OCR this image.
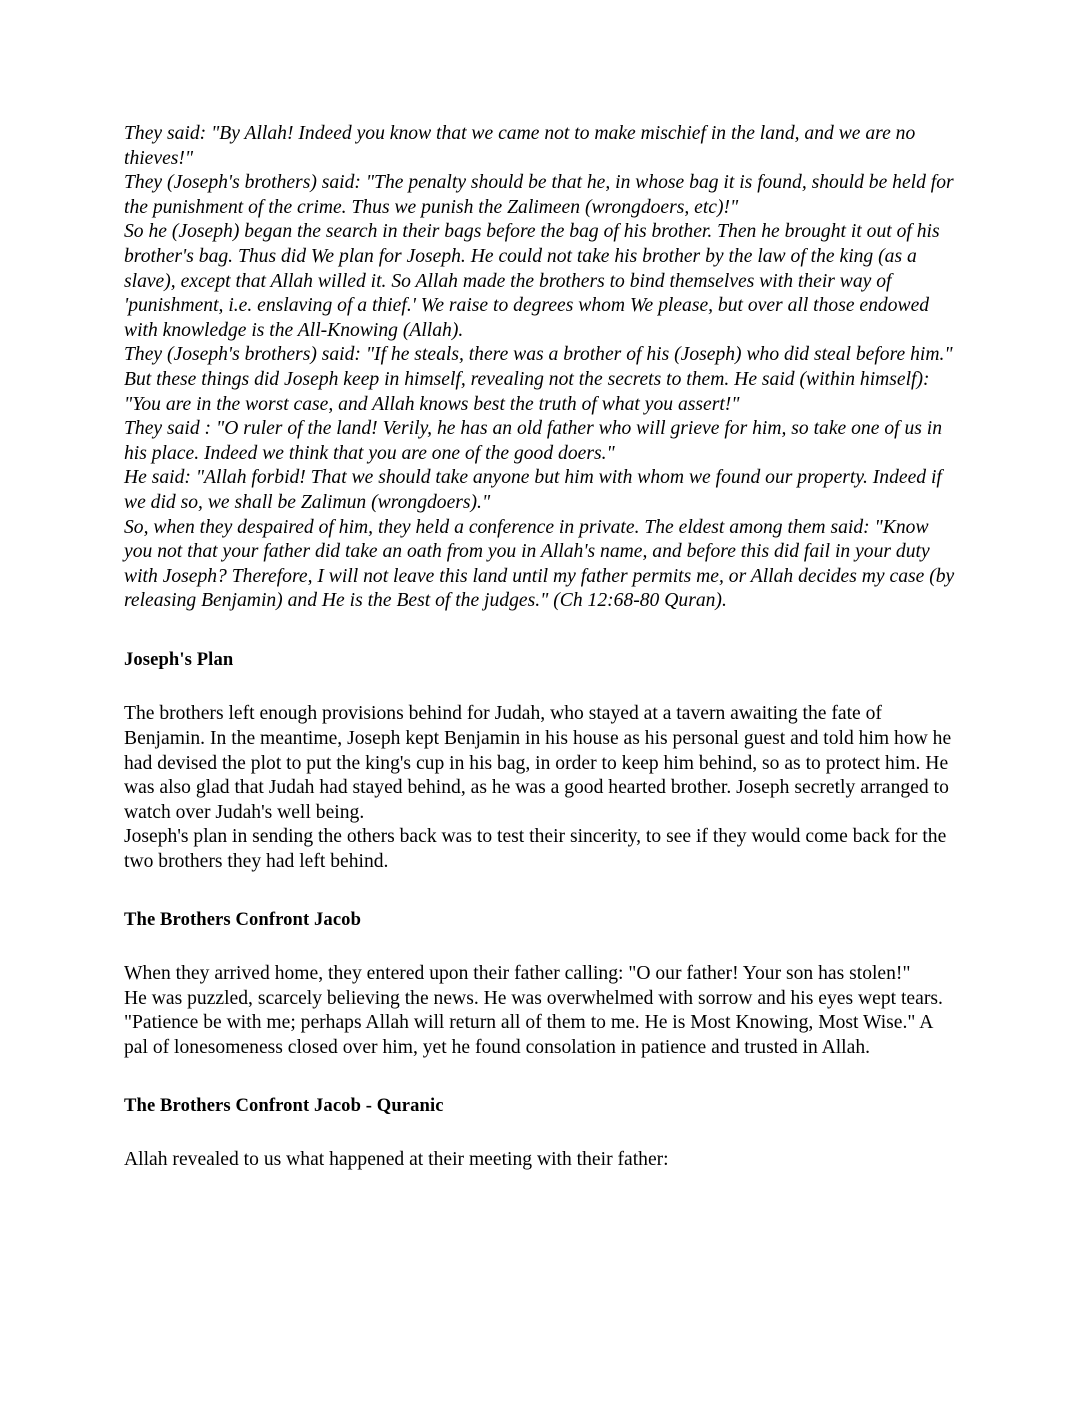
They said: "By Allah! Indeed you know that we came not to make mischief in the land, and we are no thieves!"

They (Joseph's brothers) said: "The penalty should be that he, in whose bag it is found, should be held for the punishment of the crime. Thus we punish the Zalimeen (wrongdoers, etc)!"

So he (Joseph) began the search in their bags before the bag of his brother. Then he brought it out of his brother's bag. Thus did We plan for Joseph. He could not take his brother by the law of the king (as a slave), except that Allah willed it. So Allah made the brothers to bind themselves with their way of 'punishment, i.e. enslaving of a thief.' We raise to degrees whom We please, but over all those endowed with knowledge is the All-Knowing (Allah).

They (Joseph's brothers) said: "If he steals, there was a brother of his (Joseph) who did steal before him." But these things did Joseph keep in himself, revealing not the secrets to them. He said (within himself): "You are in the worst case, and Allah knows best the truth of what you assert!"

They said : "O ruler of the land! Verily, he has an old father who will grieve for him, so take one of us in his place. Indeed we think that you are one of the good doers."

He said: "Allah forbid! That we should take anyone but him with whom we found our property. Indeed if we did so, we shall be Zalimun (wrongdoers)."

So, when they despaired of him, they held a conference in private. The eldest among them said: "Know you not that your father did take an oath from you in Allah's name, and before this did fail in your duty with Joseph? Therefore, I will not leave this land until my father permits me, or Allah decides my case (by releasing Benjamin) and He is the Best of the judges." (Ch 12:68-80 Quran).

Joseph's Plan

The brothers left enough provisions behind for Judah, who stayed at a tavern awaiting the fate of Benjamin. In the meantime, Joseph kept Benjamin in his house as his personal guest and told him how he had devised the plot to put the king's cup in his bag, in order to keep him behind, so as to protect him. He was also glad that Judah had stayed behind, as he was a good hearted brother. Joseph secretly arranged to watch over Judah's well being.

Joseph's plan in sending the others back was to test their sincerity, to see if they would come back for the two brothers they had left behind.

The Brothers Confront Jacob

When they arrived home, they entered upon their father calling: "O our father! Your son has stolen!"

He was puzzled, scarcely believing the news. He was overwhelmed with sorrow and his eyes wept tears. "Patience be with me; perhaps Allah will return all of them to me. He is Most Knowing, Most Wise." A pal of lonesomeness closed over him, yet he found consolation in patience and trusted in Allah.

The Brothers Confront Jacob - Quranic

Allah revealed to us what happened at their meeting with their father:
